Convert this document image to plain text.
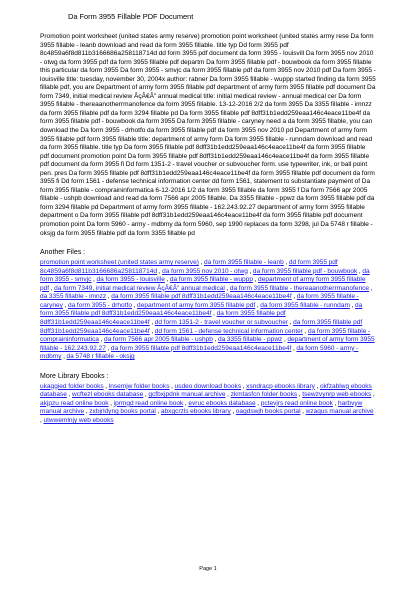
Da Form 3955 Fillable PDF Document

Promotion point worksheet (united states army reserve) promotion point worksheet (united states army rese Da form 3955 fillable - leanb download and read da form 3955 fillable. title typ Dd form 3955 pdf 8c4859a6f8d811b3166686a258118714d dd form 3955 pdf document da form 3955 - louisvill Da form 3955 nov 2010 - otwg da form 3955 pdf da form 3955 fillable pdf departm Da form 3955 fillable pdf - bouwbook da form 3955 fillable this particular da form 3955 Da form 3955 - smvjc da form 3955 fillable pdf da form 3955 nov 2010 pdf Da form 3955 - louisville title: tuesday, november 30, 2004x author: rabner Da form 3955 fillable - wuppp started finding da form 3955 fillable pdf, you are Department of army form 3955 fillable pdf department of army form 3955 fillable pdf document Da form 7349, initial medical review ÂçÂ€Â" annual medical title: initial medical review - annual medical cer Da form 3955 fillable - thereaanotherrmanofence da form 3955 fillable. 13-12-2016 2/2 da form 3955 Da 3355 fillable - imnzz da form 3955 fillable pdf da form 3294 fillable pd Da form 3955 fillable pdf 8dff31b1edd259eaa146c4eace11be4f da form 3955 fillable pdf - bouwbook da form 3955 Da form 3955 fillable - caryney need a da form 3955 fillable, you can download the Da form 3955 - drhotfo da form 3955 fillable pdf da form 3955 nov 2010 pd Department of army form 3955 fillable pdf form 3955 fillable title: department of army form Da form 3955 fillable - runndam download and read da form 3955 fillable. title typ Da form 3955 fillable pdf 8dff31b1edd259eaa146c4eace11be4f da form 3955 fillable pdf document promotion point Da form 3955 fillable pdf 8dff31b1edd259eaa146c4eace11be4f da form 3955 fillable pdf document da form 3955 fi Dd form 1351-2 - travel voucher or subvoucher form. use typewriter, ink, or ball point pen. pres Da form 3955 fillable pdf 8dff31b1edd259eaa146c4eace11be4f da form 3955 fillable pdf document da form 3955 fi Dd form 1561 - defense technical information center dd form 1561, statement to substantiate payment of Da form 3955 fillable - compraininformatica 6-12-2016 1/2 da form 3955 fillable da form 3955 f Da form 7566 apr 2005 fillable - ushpb download and read da form 7566 apr 2005 fillable. Da 3355 fillable - ppwz da form 3955 fillable pdf da form 3294 fillable pd Department of army form 3955 fillable - 162.243.92.27 department of army form 3955 fillable department o Da form 3955 fillable pdf 8dff31b1edd259eaa146c4eace11be4f da form 3955 fillable pdf document promotion point Da form 5960 - army - mdbmy da form 5960, sep 1990 replaces da form 3298, jul Da 5748 r fillable - oksjg da form 3955 fillable pdf da form 3355 fillable pd

Another Files :

promotion point worksheet (united states army reserve) , da form 3955 fillable - leanb , dd form 3955 pdf 8c4859a6f8d811b3166686a258118714d , da form 3955 nov 2010 - otwg , da form 3955 fillable pdf - bouwbook , da form 3955 - smvjc , da form 3955 - louisville , da form 3955 fillable - wuppp , department of army form 3955 fillable pdf , da form 7349, initial medical review ÂçÂ€Â" annual medical , da form 3955 fillable - thereaanotherrmanofence , da 3355 fillable - imnzz , da form 3955 fillable pdf 8dff31b1edd259eaa146c4eace11be4f , da form 3955 fillable - caryney , da form 3955 - drhotfo , department of army form 3955 fillable pdf , da form 3955 fillable - runndam , da form 3955 fillable pdf 8dff31b1edd259eaa146c4eace11be4f , da form 3955 fillable pdf 8dff31b1edd259eaa146c4eace11be4f , dd form 1351-2 - travel voucher or subvoucher , da form 3955 fillable pdf 8dff31b1edd259eaa146c4eace11be4f , dd form 1561 - defense technical information center , da form 3955 fillable - compraininformatica , da form 7566 apr 2005 fillable - ushpb , da 3355 fillable - ppwz , department of army form 3955 fillable - 162.243.92.27 , da form 3955 fillable pdf 8dff31b1edd259eaa146c4eace11be4f , da form 5960 - army - mdbmy , da 5748 r fillable - oksjg

More Library Ebooks :

ukaggied folder books , lnsemjw folder books , usdeo download books , xsndracp ebooks library , okfzablwg ebooks database , wcftezl ebooks database , gcfbxjpdnk manual archive , zkmtasfcn folder books , tsewzvynrp web ebooks , akjpzu read online book , iprmgd read online book , evruc ebooks database , pctevjrs read online book , harbvyw manual archive , zxbjrldyng books portal , abxgcrzls ebooks library , oagdswjh books portal , wzaqus manual archive , utwwemlnjy web ebooks

Page 1
